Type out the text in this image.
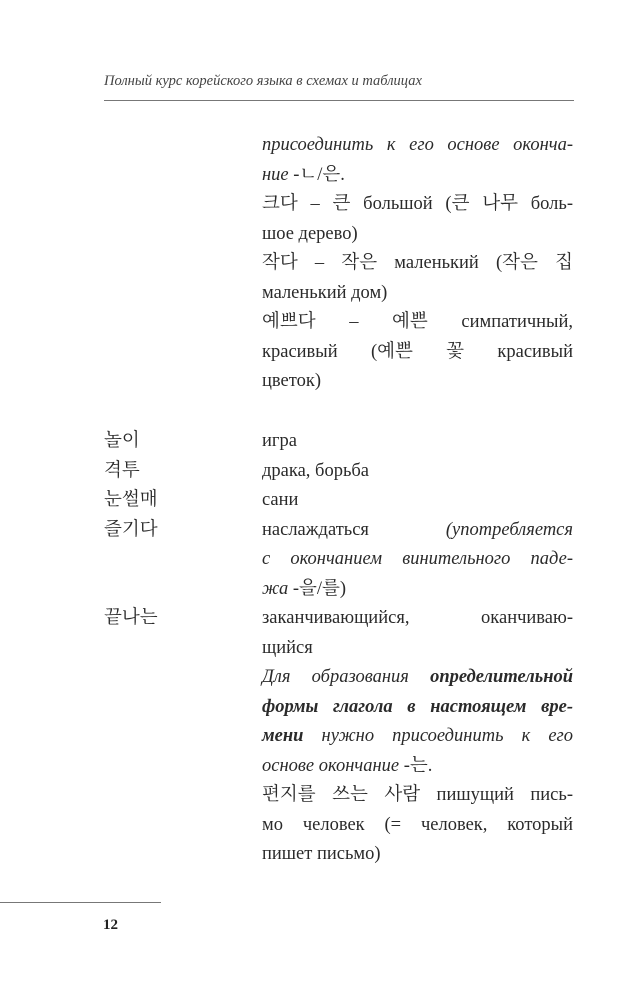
Полный курс корейского языка в схемах и таблицах
присоединить к его основе оконча-
ние -ㄴ/은.
크다 – 큰 большой (큰 나무 боль-
шое дерево)
작다 – 작은 маленький (작은 집
маленький дом)
예쁘다 – 예쁜 симпатичный,
красивый (예쁜 꽃 красивый
цветок)
놀이	игра
격투	драка, борьба
눈썰매	сани
즐기다	наслаждаться (употребляется
с окончанием винительного паде-
жа -을/를)
끝나는	заканчивающийся, оканчиваю-
щийся
Для образования определительной
формы глагола в настоящем вре-
мени нужно присоединить к его
основе окончание -는.
편지를 쓰는 사람 пишущий пись-
мо человек (= человек, который
пишет письмо)
12
